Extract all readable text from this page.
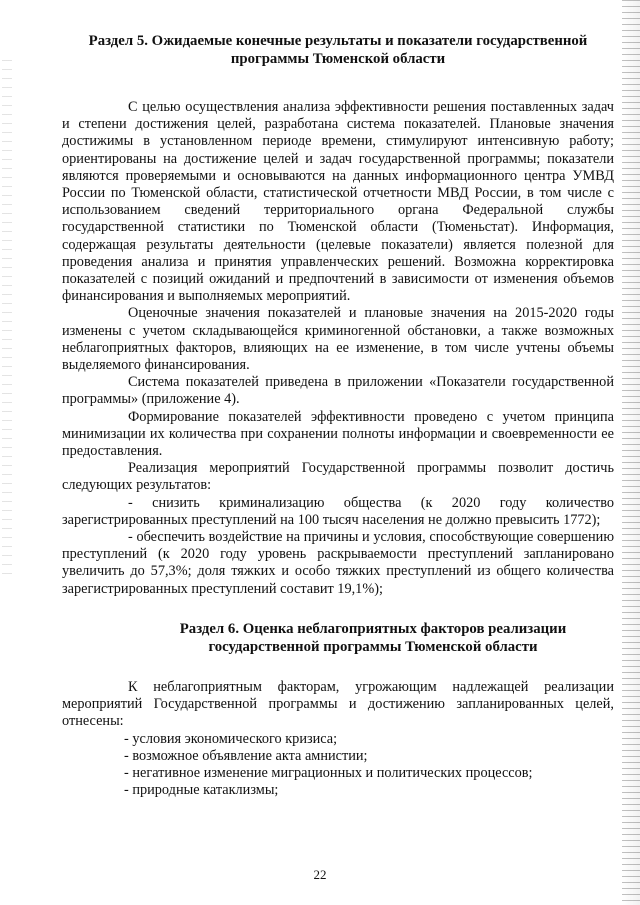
Раздел 5. Ожидаемые конечные результаты и показатели государственной программы Тюменской области

С целью осуществления анализа эффективности решения поставленных задач и степени достижения целей, разработана система показателей. Плановые значения достижимы в установленном периоде времени, стимулируют интенсивную работу; ориентированы на достижение целей и задач государственной программы; показатели являются проверяемыми и основываются на данных информационного центра УМВД России по Тюменской области, статистической отчетности МВД России, в том числе с использованием сведений территориального органа Федеральной службы государственной статистики по Тюменской области (Тюменьстат). Информация, содержащая результаты деятельности (целевые показатели) является полезной для проведения анализа и принятия управленческих решений. Возможна корректировка показателей с позиций ожиданий и предпочтений в зависимости от изменения объемов финансирования и выполняемых мероприятий.

Оценочные значения показателей и плановые значения на 2015-2020 годы изменены с учетом складывающейся криминогенной обстановки, а также возможных неблагоприятных факторов, влияющих на ее изменение, в том числе учтены объемы выделяемого финансирования.

Система показателей приведена в приложении «Показатели государственной программы» (приложение 4).

Формирование показателей эффективности проведено с учетом принципа минимизации их количества при сохранении полноты информации и своевременности ее предоставления.

Реализация мероприятий Государственной программы позволит достичь следующих результатов:

- снизить криминализацию общества (к 2020 году количество зарегистрированных преступлений на 100 тысяч населения не должно превысить 1772);

- обеспечить воздействие на причины и условия, способствующие совершению преступлений (к 2020 году уровень раскрываемости преступлений запланировано увеличить до 57,3%; доля тяжких и особо тяжких преступлений из общего количества зарегистрированных преступлений составит 19,1%);

Раздел 6. Оценка неблагоприятных факторов реализации государственной программы Тюменской области

К неблагоприятным факторам, угрожающим надлежащей реализации мероприятий Государственной программы и достижению запланированных целей, отнесены:

- условия экономического кризиса;

- возможное объявление акта амнистии;

- негативное изменение миграционных и политических процессов;

- природные катаклизмы;

22
